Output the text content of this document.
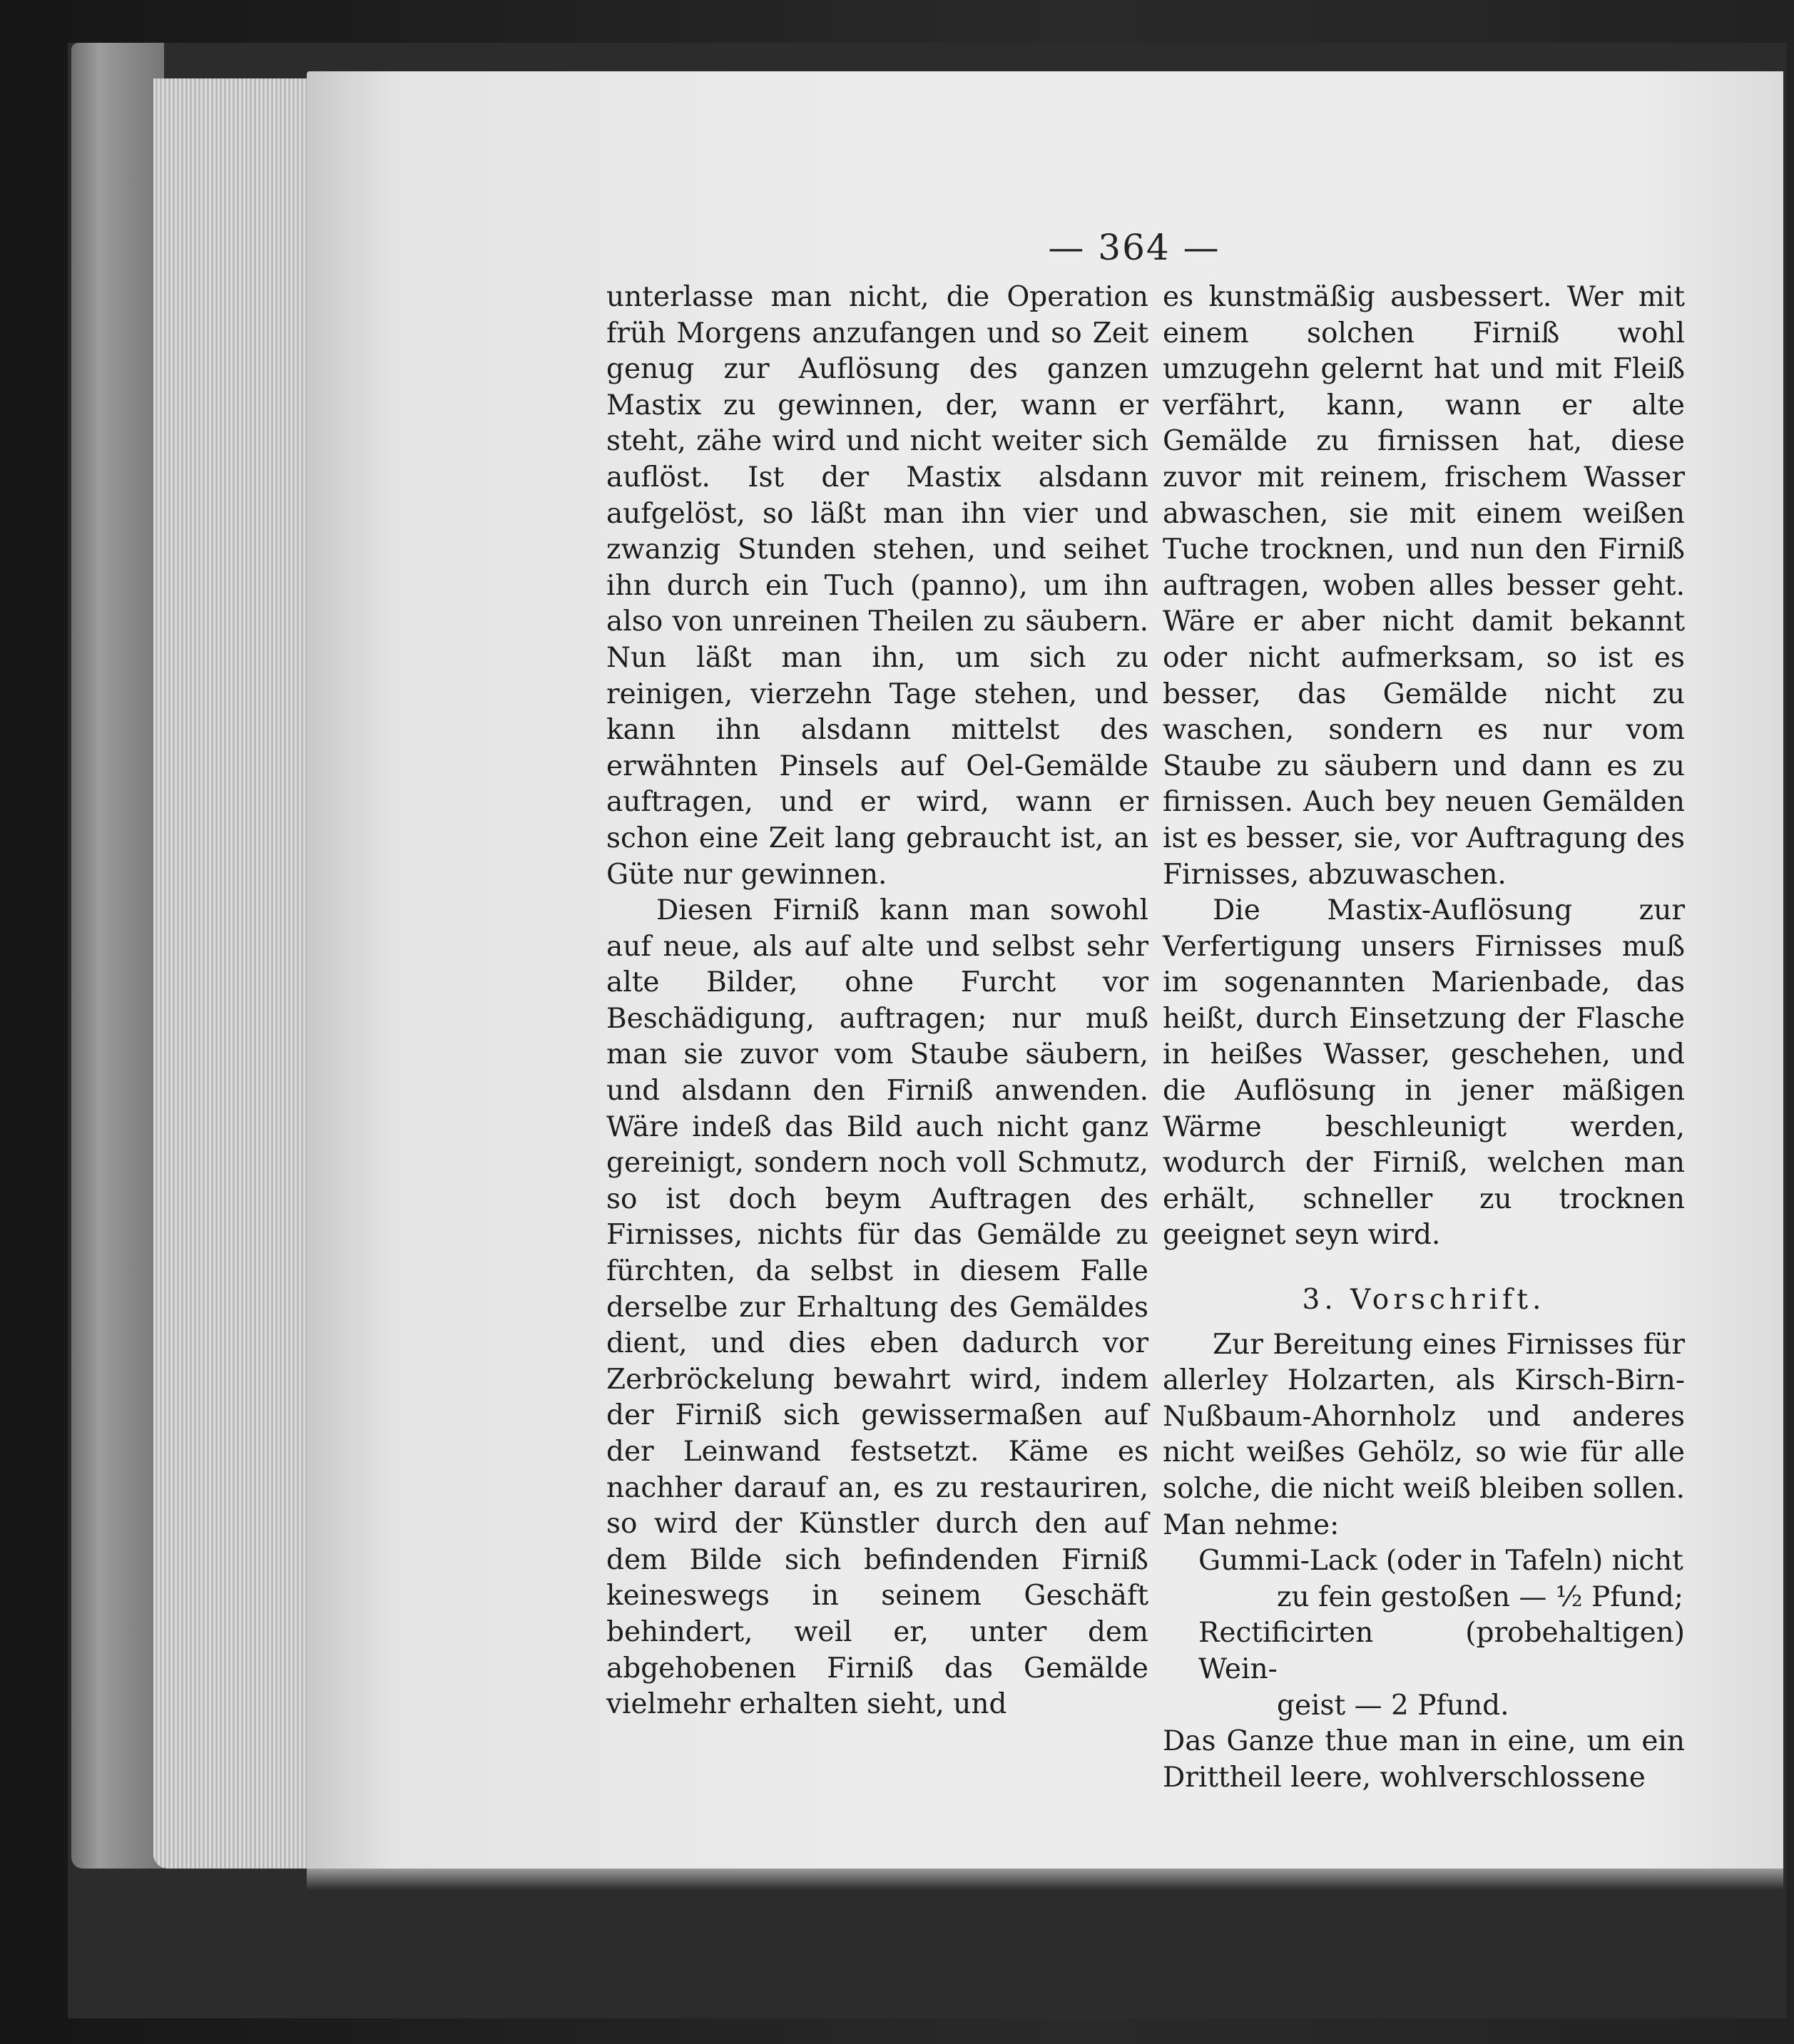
— 364 —

unterlasse man nicht, die Operation früh Morgens anzufangen und so Zeit genug zur Auflösung des ganzen Mastix zu gewinnen, der, wann er steht, zähe wird und nicht weiter sich auflöst. Ist der Mastix alsdann aufgelöst, so läßt man ihn vier und zwanzig Stunden stehen, und seihet ihn durch ein Tuch (panno), um ihn also von unreinen Theilen zu säubern. Nun läßt man ihn, um sich zu reinigen, vierzehn Tage stehen, und kann ihn alsdann mittelst des erwähnten Pinsels auf Oel-Gemälde auftragen, und er wird, wann er schon eine Zeit lang gebraucht ist, an Güte nur gewinnen.

Diesen Firniß kann man sowohl auf neue, als auf alte und selbst sehr alte Bilder, ohne Furcht vor Beschädigung, auftragen; nur muß man sie zuvor vom Staube säubern, und alsdann den Firniß anwenden. Wäre indeß das Bild auch nicht ganz gereinigt, sondern noch voll Schmutz, so ist doch beym Auftragen des Firnisses, nichts für das Gemälde zu fürchten, da selbst in diesem Falle derselbe zur Erhaltung des Gemäldes dient, und dies eben dadurch vor Zerbröckelung bewahrt wird, indem der Firniß sich gewissermaßen auf der Leinwand festsetzt. Käme es nachher darauf an, es zu restauriren, so wird der Künstler durch den auf dem Bilde sich befindenden Firniß keineswegs in seinem Geschäft behindert, weil er, unter dem abgehobenen Firniß das Gemälde vielmehr erhalten sieht, und

es kunstmäßig ausbessert. Wer mit einem solchen Firniß wohl umzugehn gelernt hat und mit Fleiß verfährt, kann, wann er alte Gemälde zu firnissen hat, diese zuvor mit reinem, frischem Wasser abwaschen, sie mit einem weißen Tuche trocknen, und nun den Firniß auftragen, woben alles besser geht. Wäre er aber nicht damit bekannt oder nicht aufmerksam, so ist es besser, das Gemälde nicht zu waschen, sondern es nur vom Staube zu säubern und dann es zu firnissen. Auch bey neuen Gemälden ist es besser, sie, vor Auftragung des Firnisses, abzuwaschen.

Die Mastix-Auflösung zur Verfertigung unsers Firnisses muß im sogenannten Marienbade, das heißt, durch Einsetzung der Flasche in heißes Wasser, geschehen, und die Auflösung in jener mäßigen Wärme beschleunigt werden, wodurch der Firniß, welchen man erhält, schneller zu trocknen geeignet seyn wird.

3. Vorschrift.

Zur Bereitung eines Firnisses für allerley Holzarten, als Kirsch-Birn-Nußbaum-Ahornholz und anderes nicht weißes Gehölz, so wie für alle solche, die nicht weiß bleiben sollen. Man nehme:

Gummi-Lack (oder in Tafeln) nicht
zu fein gestoßen — ½ Pfund;

Rectificirten (probehaltigen) Wein-
geist — 2 Pfund.

Das Ganze thue man in eine, um ein Drittheil leere, wohlverschlossene
